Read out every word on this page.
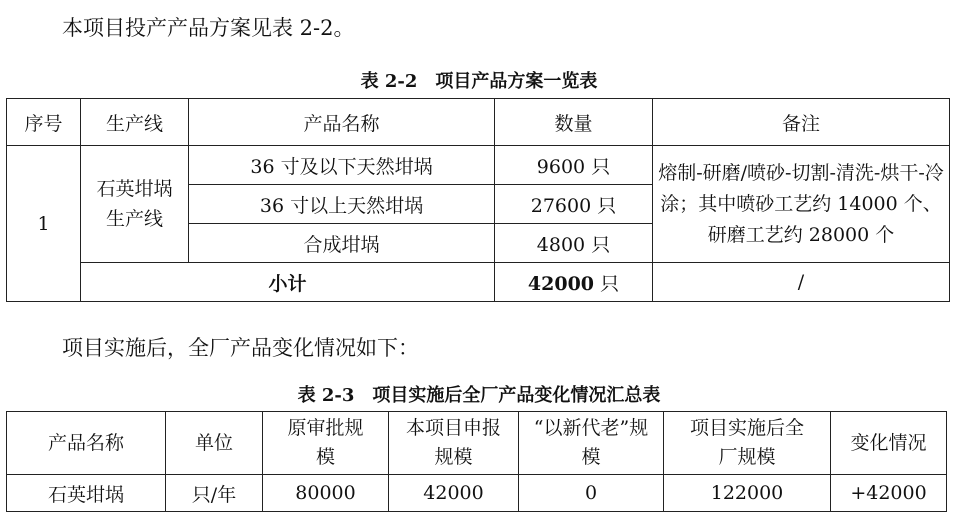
本项目投产产品方案见表 2-2。
表 2-2　项目产品方案一览表
序号	生产线	产品名称	数量	备注
1	石英坩埚生产线	36 寸及以下天然坩埚	9600 只	熔制-研磨/喷砂-切割-清洗-烘干-冷涂；其中喷砂工艺约 14000 个、研磨工艺约 28000 个
		36 寸以上天然坩埚	27600 只	
		合成坩埚	4800 只	
	小计		42000 只	/
项目实施后，全厂产品变化情况如下：
表 2-3　项目实施后全厂产品变化情况汇总表
产品名称	单位	原审批规模	本项目申报规模	“以新代老”规模	项目实施后全厂规模	变化情况
石英坩埚	只/年	80000	42000	0	122000	+42000
